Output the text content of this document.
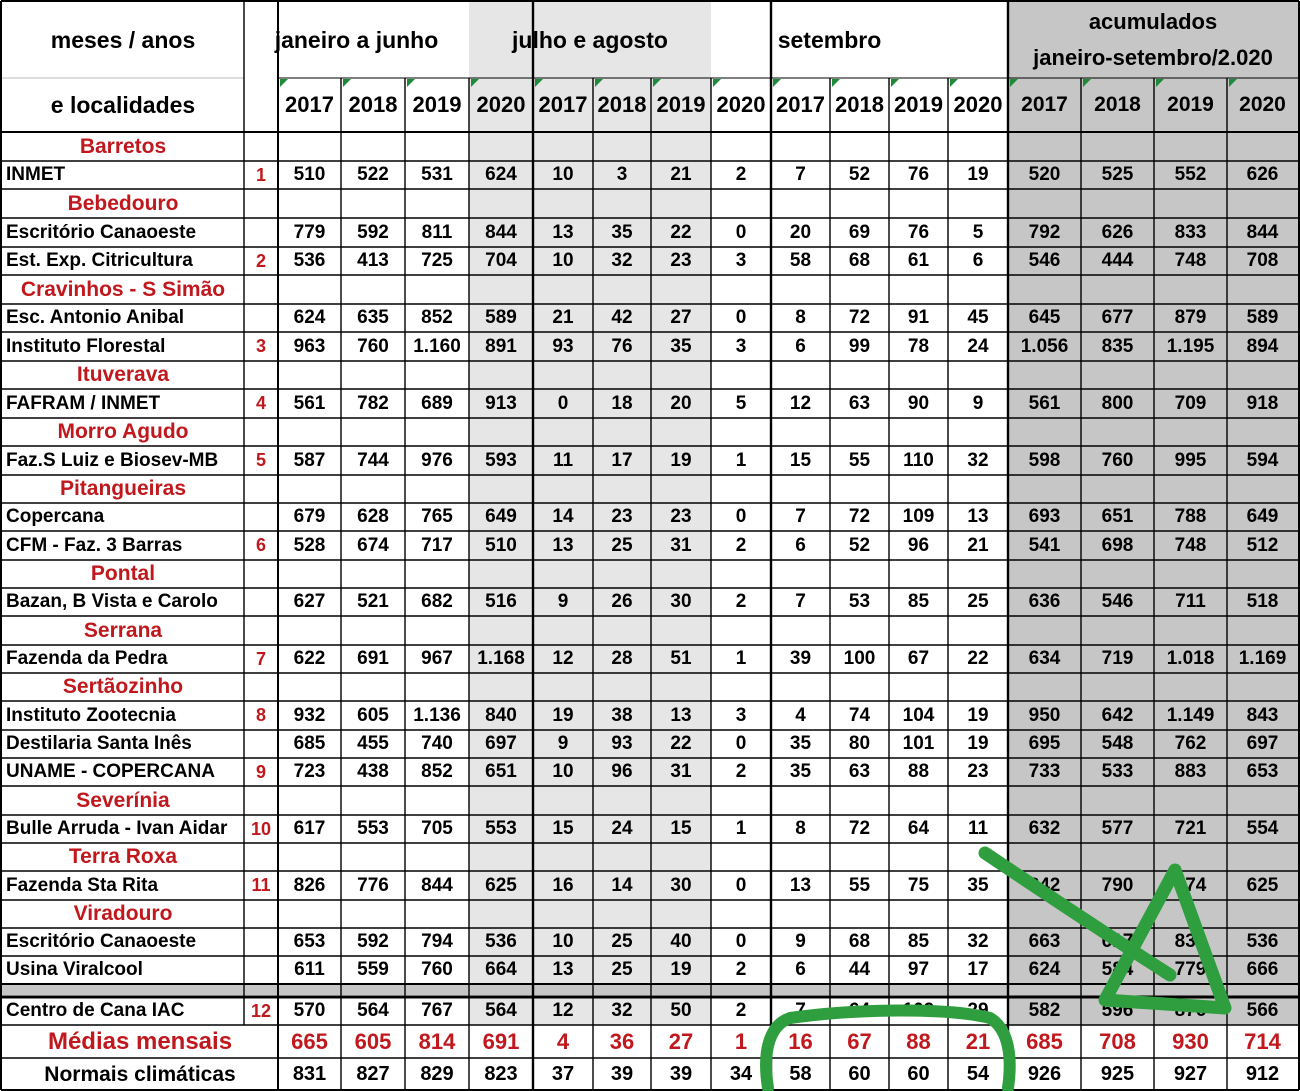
meses / anos
e localidades
janeiro a junho	julho e agosto	setembro
acumulados
janeiro-setembro/2.020
2017 2018 2019 2020 2017 2018 2019 2020 2017 2018 2019 2020 2017	2018	2019	2020
Barretos
INMET	1	510	522	531	624	10	3	21	2	7	52	76	19	520	525	552	626
Bebedouro
Escritório Canaoeste	779	592	811	844	13	35	22	0	20	69	76	5	792	626	833	844
Est. Exp. Citricultura	2	536	413	725	704	10	32	23	3	58	68	61	6	546	444	748	708
Cravinhos - S Simão
Esc. Antonio Anibal	624	635	852	589	21	42	27	0	8	72	91	45	645	677	879	589
Instituto Florestal	3	963	760	1.160	891	93	76	35	3	6	99	78	24	1.056	835	1.195	894
Ituverava
FAFRAM / INMET	4	561	782	689	913	0	18	20	5	12	63	90	9	561	800	709	918
Morro Agudo
Faz.S Luiz e Biosev-MB	5	587	744	976	593	11	17	19	1	15	55	110	32	598	760	995	594
Pitangueiras
Copercana	679	628	765	649	14	23	23	0	7	72	109	13	693	651	788	649
CFM - Faz. 3 Barras	6	528	674	717	510	13	25	31	2	6	52	96	21	541	698	748	512
Pontal
Bazan, B Vista e Carolo	627	521	682	516	9	26	30	2	7	53	85	25	636	546	711	518
Serrana
Fazenda da Pedra	7	622	691	967	1.168	12	28	51	1	39	100	67	22	634	719	1.018	1.169
Sertãozinho
Instituto Zootecnia	8	932	605	1.136	840	19	38	13	3	4	74	104	19	950	642	1.149	843
Destilaria Santa Inês	685	455	740	697	9	93	22	0	35	80	101	19	695	548	762	697
UNAME - COPERCANA	9	723	438	852	651	10	96	31	2	35	63	88	23	733	533	883	653
Severínia
Bulle Arruda - Ivan Aidar	10	617	553	705	553	15	24	15	1	8	72	64	11	632	577	721	554
Terra Roxa
Fazenda Sta Rita	11	826	776	844	625	16	14	30	0	13	55	75	35	842	790	874	625
Viradouro
Escritório Canaoeste	653	592	794	536	10	25	40	0	9	68	85	32	663	617	834	536
Usina Viralcool	611	559	760	664	13	25	19	2	6	44	97	17	624	584	779	666
Centro de Cana IAC	12	570	564	767	564	12	32	50	2	7	64	109	29	582	596	876	566
Médias mensais	665	605	814	691	4	36	27	1	16	67	88	21	685	708	930	714
Normais climáticas	831	827	829	823	37	39	39	34	58	60	60	54	926	925	927	912
